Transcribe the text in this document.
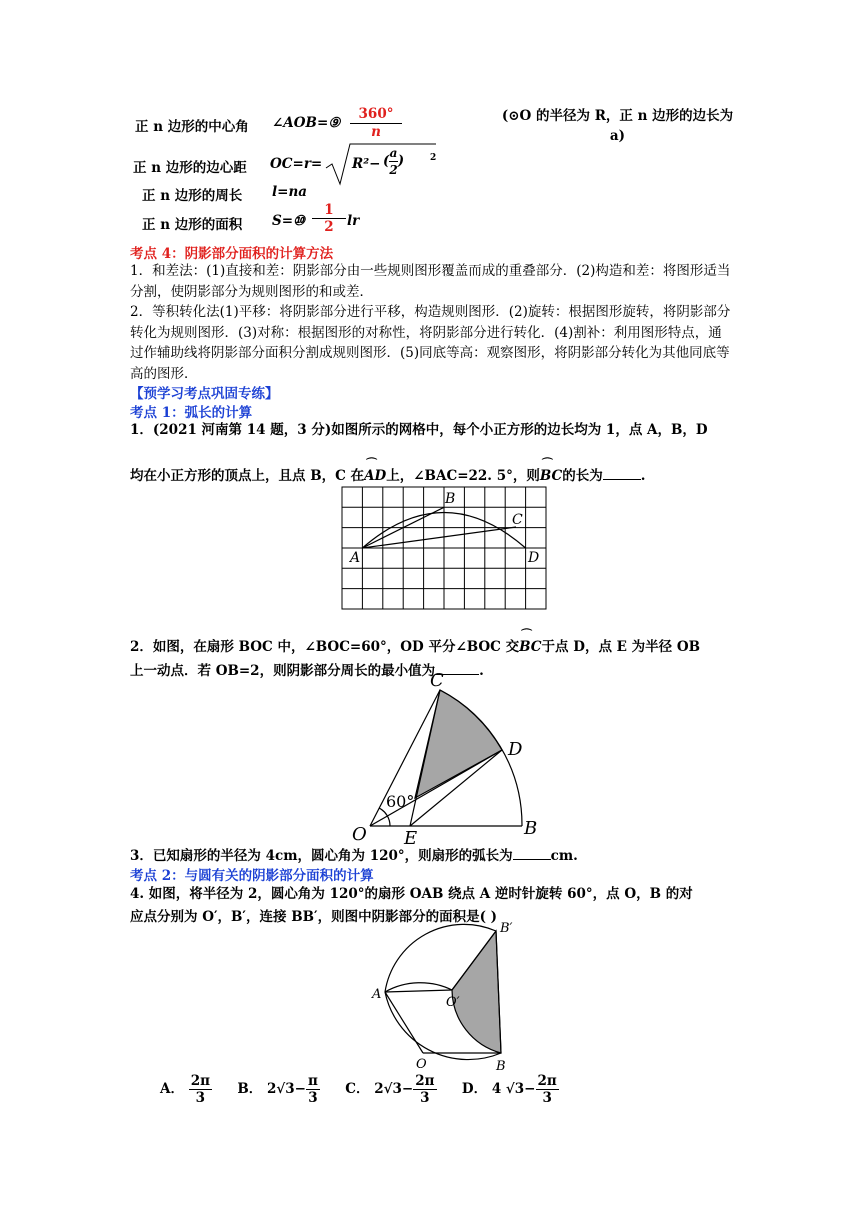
正 n 边形的中心角 ∠AOB=⑨ $\frac{360^\circ}{n}$	(⊙O 的半径为 R，正 n 边形的边长为 a)
正 n 边形的边心距 OC=r= R²− ( $\frac{a}{2}$ )	2
正 n 边形的周长 l=na
正 n 边形的面积 S=⑩ $\frac{1}{2}$ lr
考点 4：阴影部分面积的计算方法
1．和差法：(1)直接和差：阴影部分由一些规则图形覆盖而成的重叠部分．(2)构造和差：将图形适当分割，使阴影部分为规则图形的和或差．
2．等积转化法(1)平移：将阴影部分进行平移，构造规则图形．(2)旋转：根据图形旋转，将阴影部分转化为规则图形．(3)对称：根据图形的对称性，将阴影部分进行转化．(4)割补：利用图形特点，通过作辅助线将阴影部分面积分割成规则图形．(5)同底等高：观察图形，将阴影部分转化为其他同底等高的图形．
【预学习考点巩固专练】
考点 1：弧长的计算
1．(2021 河南第 14 题，3 分)如图所示的网格中，每个小正方形的边长均为 1，点 A，B，D
均在小正方形的顶点上，且点 B，C 在
⌒
AD上，∠BAC=22. 5°，则
⌒
BC的长为	.
A
B
C
D
2．如图，在扇形 BOC 中，∠BOC=60°，OD 平分∠BOC 交
⌒
BC于点 D，点 E 为半径 OB
上一动点．若 OB=2，则阴影部分周长的最小值为	.
C
D
O E	B
60°
3．已知扇形的半径为 4cm，圆心角为 120°，则扇形的弧长为	cm.
考点 2：与圆有关的阴影部分面积的计算
4. 如图，将半径为 2，圆心角为 120°的扇形 OAB 绕点 A 逆时针旋转 60°，点 O，B 的对
应点分别为 O′，B′，连接 BB′，则图中阴影部分的面积是( )
A
O′
B′
O	B
A． $\frac{2\pi}{3}$ B． $2√3- \frac{\pi}{3}$ C． $2√3- \frac{2\pi}{3}$ D． 4 $√3- \frac{2\pi}{3}$
